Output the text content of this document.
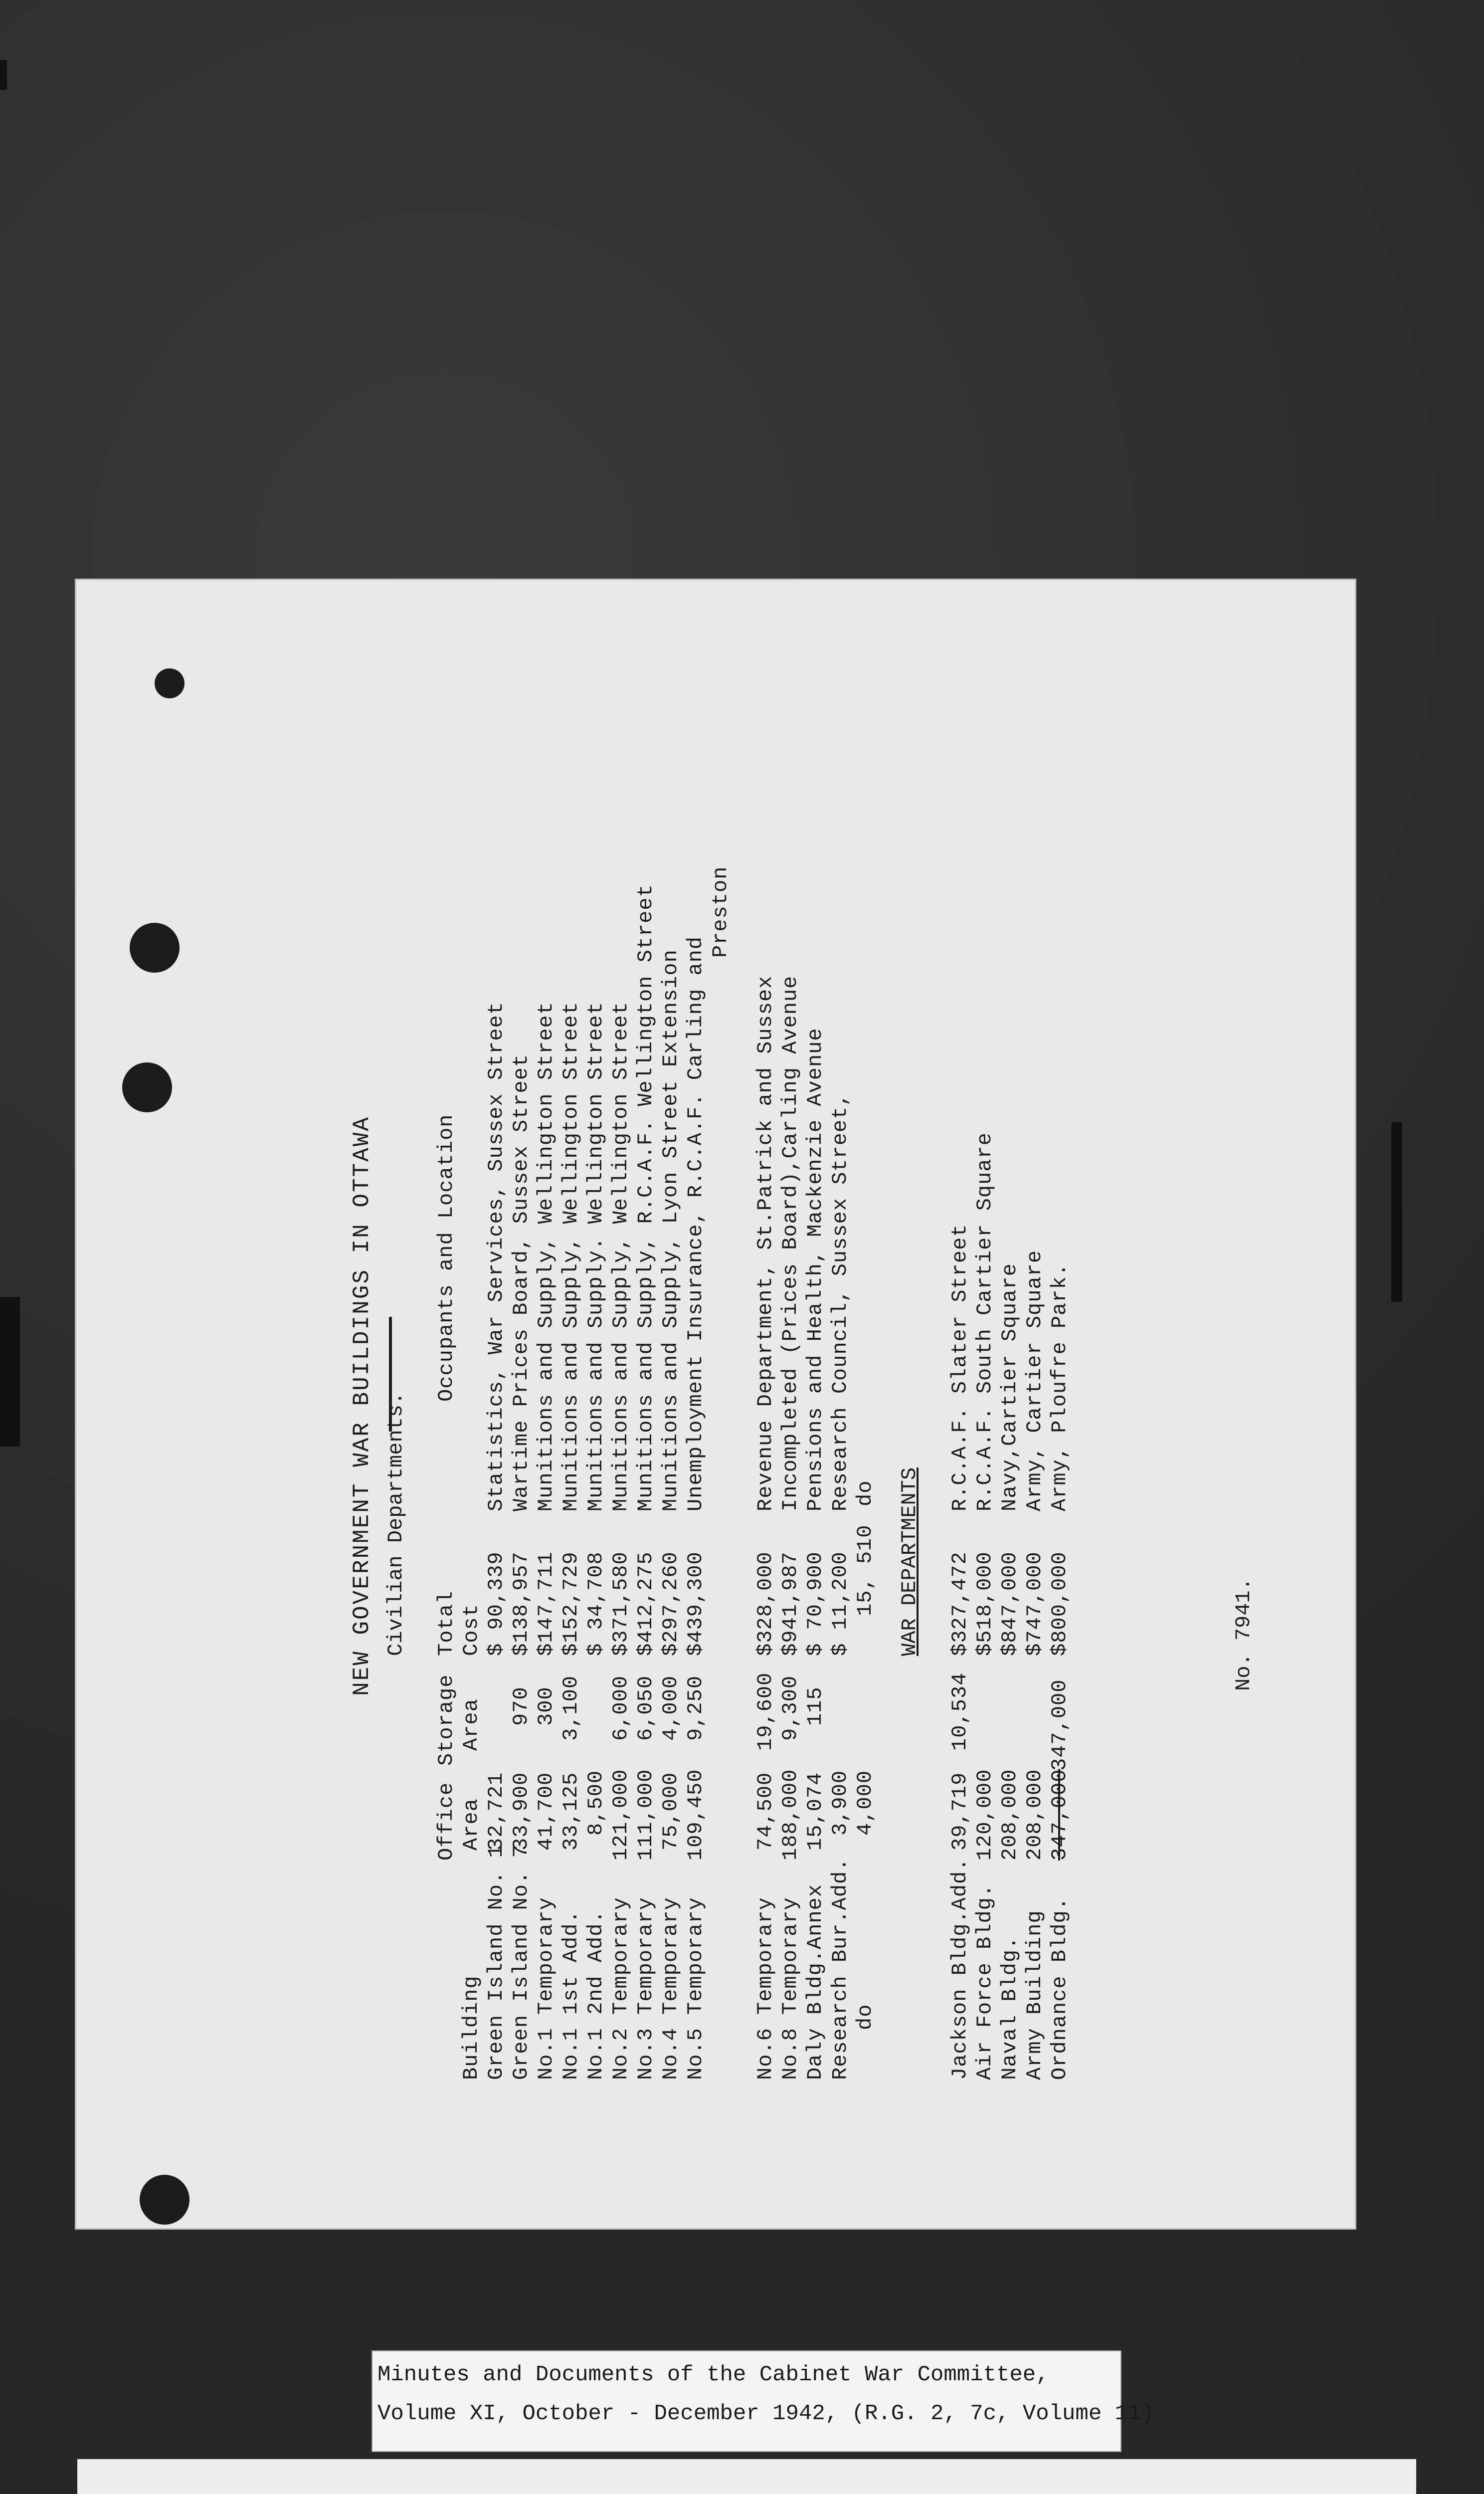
NEW GOVERNMENT WAR BUILDINGS IN OTTAWA
Building
Office Area
Storage Area
Civilian Departments. Total Cost
Occupants and Location
Green Island No. 1
32,721
$ 90,339
Statistics, War Services, Sussex Street
Green Island No. 7
33,900
970
$138,957
Wartime Prices Board, Sussex Street
No.1 Temporary
41,700
300
$147,711
Munitions and Supply, Wellington Street
No.1 1st Add.
33,125
3,100
$152,729
Munitions and Supply, Wellington Street
No.1 2nd Add.
8,500
$ 34,708
Munitions and Supply. Wellington Street
No.2 Temporary
121,000
6,000
$371,580
Munitions and Supply, Wellington Street
No.3 Temporary
111,000
6,050
$412,275
Munitions and Supply, R.C.A.F. Wellington Street
No.4 Temporary
75,000
4,000
$297,260
Munitions and Supply, Lyon Street Extension
No.5 Temporary
109,450
9,250
$439,300
Unemployment Insurance, R.C.A.F. Carling and
Preston
No.6 Temporary
74,500
19,600
$328,000
Revenue Department, St.Patrick and Sussex
No.8 Temporary
188,000
9,300
$941,987
Incompleted (Prices Board),Carling Avenue
Daly Bldg.Annex
15,074
115
$ 70,900
Pensions and Health, Mackenzie Avenue
Research Bur.Add.
3,900
$ 11,200
Research Council, Sussex Street,
do
4,000
15, 510
do WAR DEPARTMENTS
Jackson Bldg.Add.
39,719
10,534
$327,472
R.C.A.F. Slater Street
Air Force Bldg.
120,000
$518,000
R.C.A.F. South Cartier Square
Naval Bldg.
208,000
$847,000
Navy,Cartier Square
Army Building
208,000
$747,000
Army, Cartier Square
Ordnance Bldg.
347,000
347,000
$800,000
Army, Ploufre Park.
No. 7941.
Minutes and Documents of the Cabinet War Committee,
Volume XI, October - December 1942, (R.G. 2, 7c, Volume 11)
